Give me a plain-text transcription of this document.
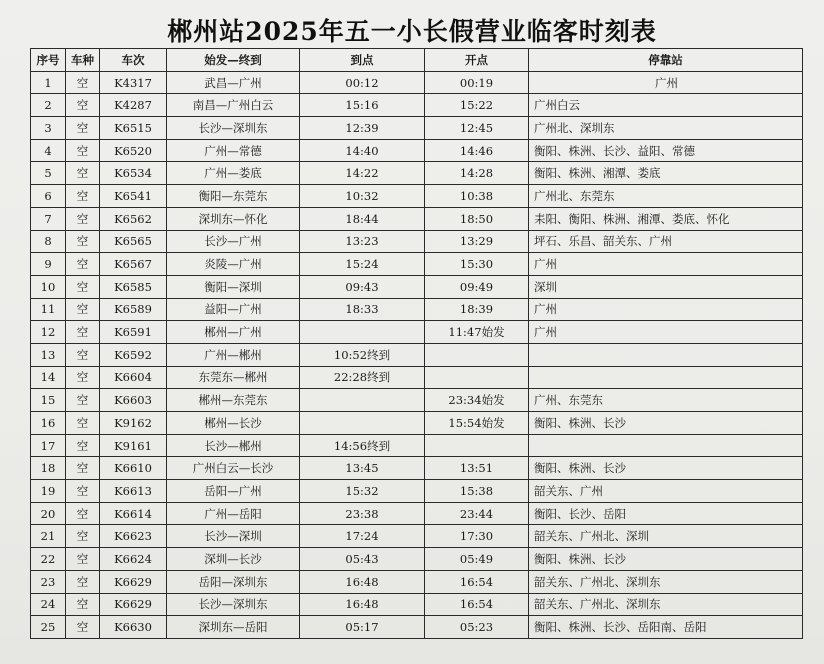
郴州站2025年五一小长假营业临客时刻表
序号	车种	车次	始发—终到	到点	开点	停靠站
1	空	K4317	武昌—广州	00:12	00:19	广州
2	空	K4287	南昌—广州白云	15:16	15:22	广州白云
3	空	K6515	长沙—深圳东	12:39	12:45	广州北、深圳东
4	空	K6520	广州—常德	14:40	14:46	衡阳、株洲、长沙、益阳、常德
5	空	K6534	广州—娄底	14:22	14:28	衡阳、株洲、湘潭、娄底
6	空	K6541	衡阳—东莞东	10:32	10:38	广州北、东莞东
7	空	K6562	深圳东—怀化	18:44	18:50	耒阳、衡阳、株洲、湘潭、娄底、怀化
8	空	K6565	长沙—广州	13:23	13:29	坪石、乐昌、韶关东、广州
9	空	K6567	炎陵—广州	15:24	15:30	广州
10	空	K6585	衡阳—深圳	09:43	09:49	深圳
11	空	K6589	益阳—广州	18:33	18:39	广州
12	空	K6591	郴州—广州		11:47始发	广州
13	空	K6592	广州—郴州	10:52终到		
14	空	K6604	东莞东—郴州	22:28终到		
15	空	K6603	郴州—东莞东		23:34始发	广州、东莞东
16	空	K9162	郴州—长沙		15:54始发	衡阳、株洲、长沙
17	空	K9161	长沙—郴州	14:56终到		
18	空	K6610	广州白云—长沙	13:45	13:51	衡阳、株洲、长沙
19	空	K6613	岳阳—广州	15:32	15:38	韶关东、广州
20	空	K6614	广州—岳阳	23:38	23:44	衡阳、长沙、岳阳
21	空	K6623	长沙—深圳	17:24	17:30	韶关东、广州北、深圳
22	空	K6624	深圳—长沙	05:43	05:49	衡阳、株洲、长沙
23	空	K6629	岳阳—深圳东	16:48	16:54	韶关东、广州北、深圳东
24	空	K6629	长沙—深圳东	16:48	16:54	韶关东、广州北、深圳东
25	空	K6630	深圳东—岳阳	05:17	05:23	衡阳、株洲、长沙、岳阳南、岳阳
